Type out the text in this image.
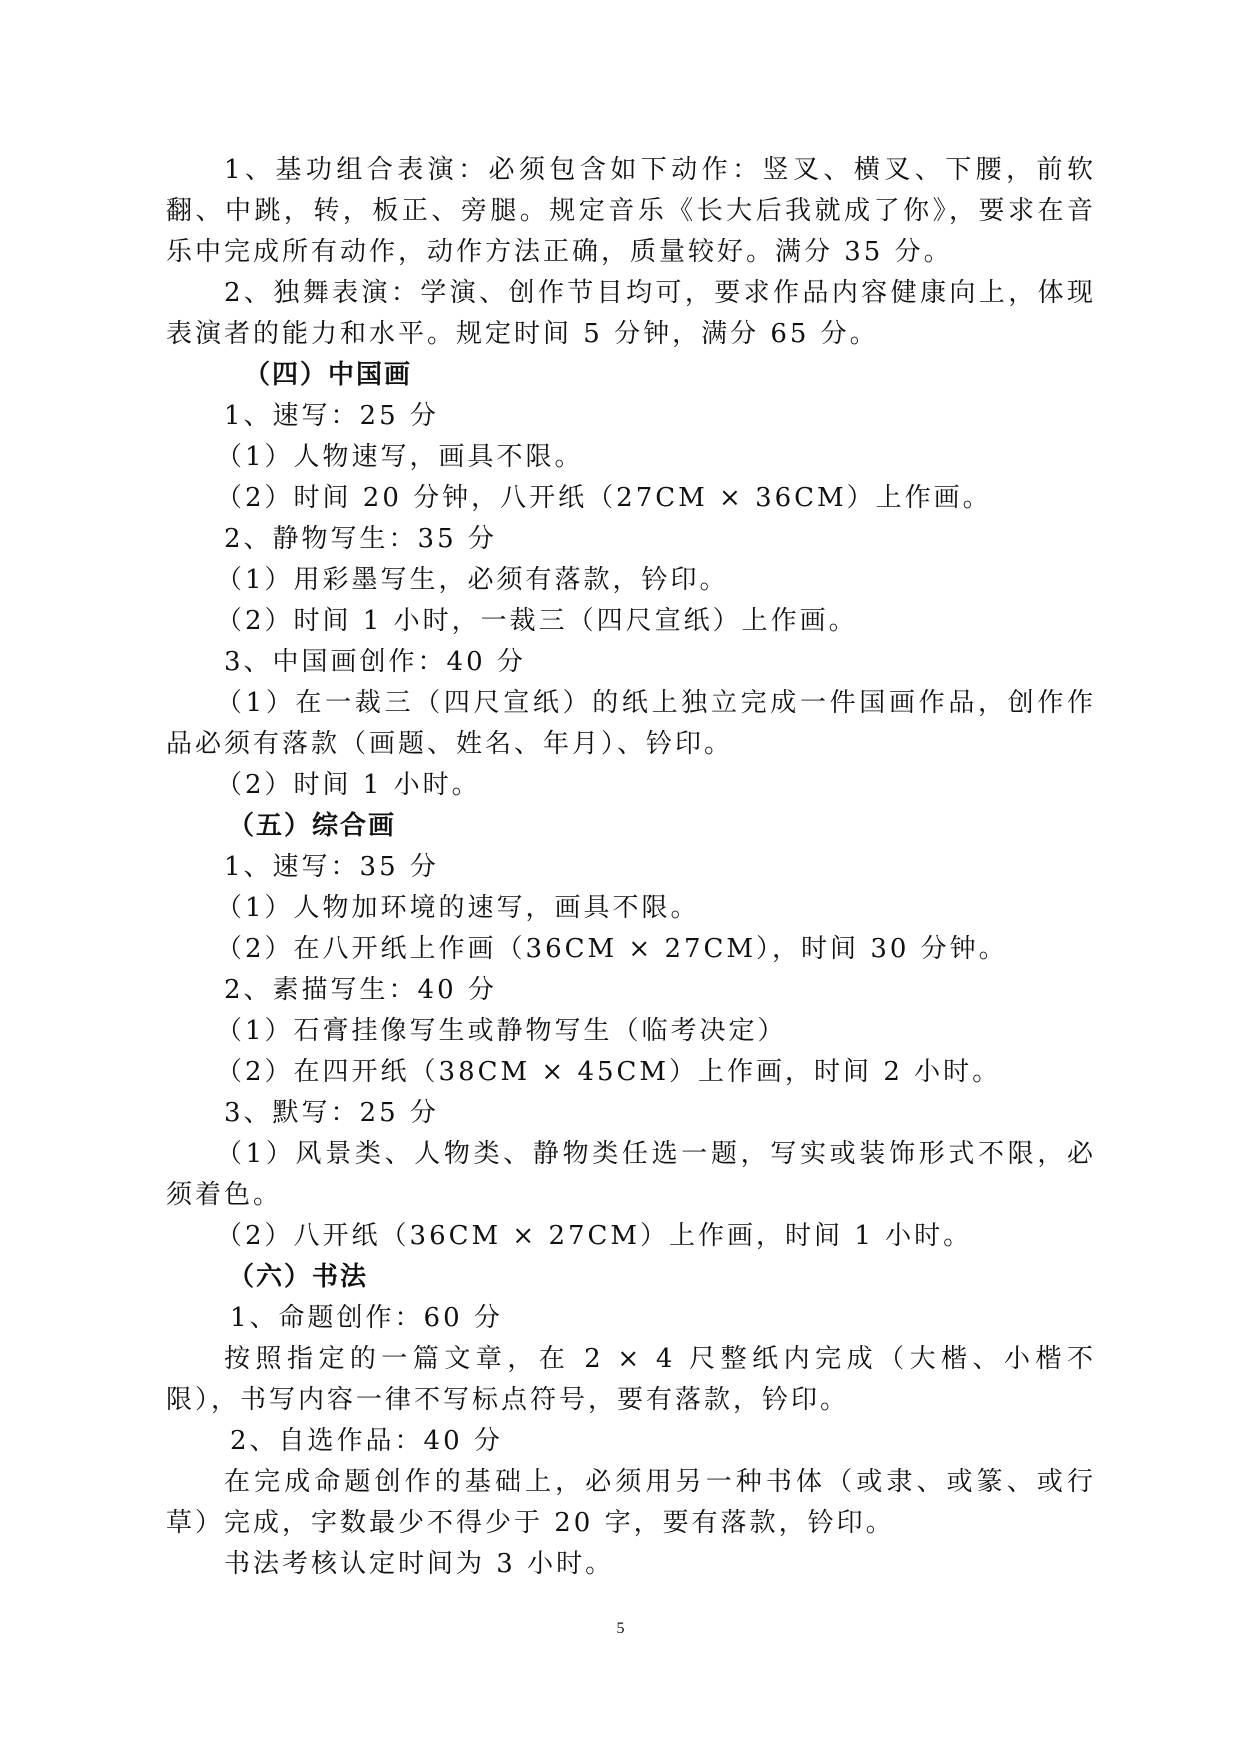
1、基功组合表演：必须包含如下动作：竖叉、横叉、下腰，前软翻、中跳，转，板正、旁腿。规定音乐《长大后我就成了你》，要求在音乐中完成所有动作，动作方法正确，质量较好。满分 35 分。

2、独舞表演：学演、创作节目均可，要求作品内容健康向上，体现表演者的能力和水平。规定时间 5 分钟，满分 65 分。

（四）中国画

1、速写：25 分

（1）人物速写，画具不限。

（2）时间 20 分钟，八开纸（27CM × 36CM）上作画。

2、静物写生：35 分

（1）用彩墨写生，必须有落款，钤印。

（2）时间 1 小时，一裁三（四尺宣纸）上作画。

3、中国画创作：40 分

（1）在一裁三（四尺宣纸）的纸上独立完成一件国画作品，创作作品必须有落款（画题、姓名、年月）、钤印。

（2）时间 1 小时。

（五）综合画

1、速写：35 分

（1）人物加环境的速写，画具不限。

（2）在八开纸上作画（36CM × 27CM），时间 30 分钟。

2、素描写生：40 分

（1）石膏挂像写生或静物写生（临考决定）

（2）在四开纸（38CM × 45CM）上作画，时间 2 小时。

3、默写：25 分

（1）风景类、人物类、静物类任选一题，写实或装饰形式不限，必须着色。

（2）八开纸（36CM × 27CM）上作画，时间 1 小时。

（六）书法

1、命题创作：60 分

按照指定的一篇文章，在 2 × 4 尺整纸内完成（大楷、小楷不限），书写内容一律不写标点符号，要有落款，钤印。

2、自选作品：40 分

在完成命题创作的基础上，必须用另一种书体（或隶、或篆、或行草）完成，字数最少不得少于 20 字，要有落款，钤印。

书法考核认定时间为 3 小时。

5
